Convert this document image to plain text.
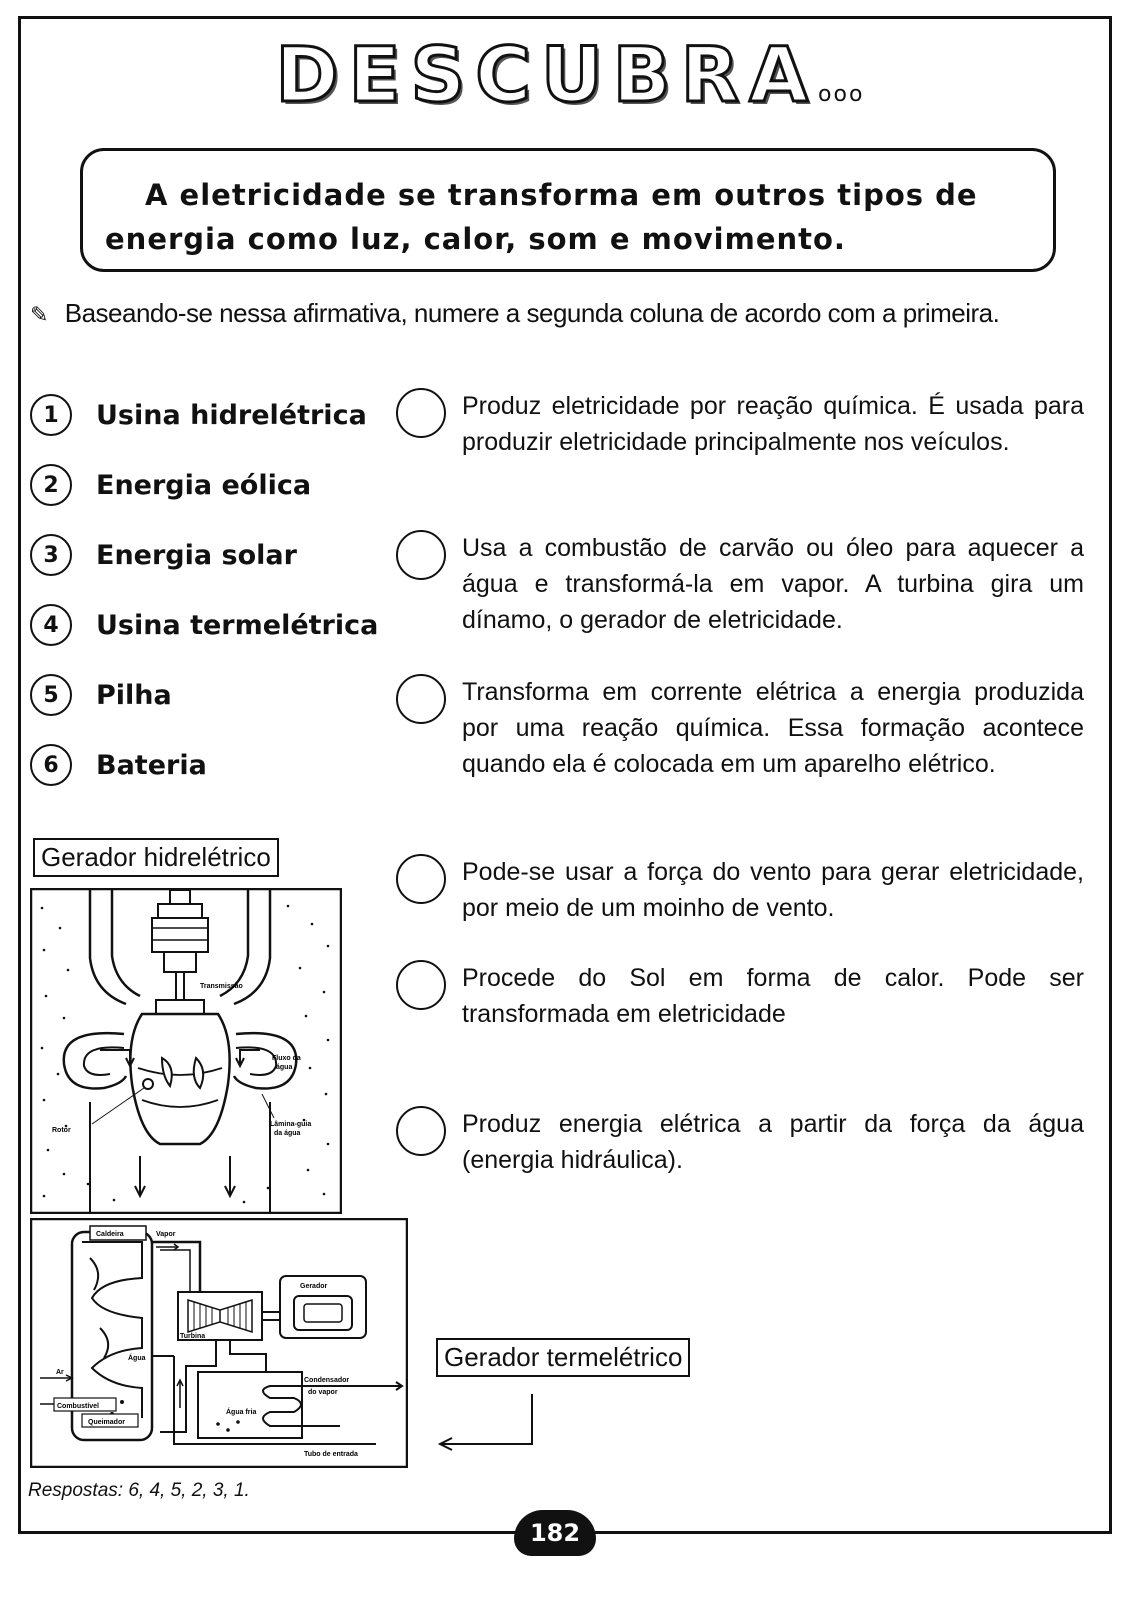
DESCUBRAooo
A eletricidade se transforma em outros tipos de
energia como luz, calor, som e movimento.
✎ Baseando-se nessa afirmativa, numere a segunda coluna de acordo com a primeira.
1	Usina hidrelétrica
2	Energia eólica
3	Energia solar
4	Usina termelétrica
5	Pilha
6	Bateria
Produz eletricidade por reação química. É usada para produzir eletricidade principalmente nos veículos.
Usa a combustão de carvão ou óleo para aquecer a água e transformá-la em vapor. A turbina gira um dínamo, o gerador de eletricidade.
Transforma em corrente elétrica a energia produzida por uma reação química. Essa formação acontece quando ela é colocada em um aparelho elétrico.
Pode-se usar a força do vento para gerar eletricidade, por meio de um moinho de vento.
Procede do Sol em forma de calor. Pode ser transformada em eletricidade
Produz energia elétrica a partir da força da água (energia hidráulica).
Gerador hidrelétrico
Transmissão
Rotor
Fluxo da
água
Lâmina-guia
da água
Caldeira	Vapor
Turbina
Gerador
Água
Água fria
Condensador
do vapor
Tubo de entrada
Ar
Combustível
Queimador
Gerador termelétrico
Respostas: 6, 4, 5, 2, 3, 1.
182
